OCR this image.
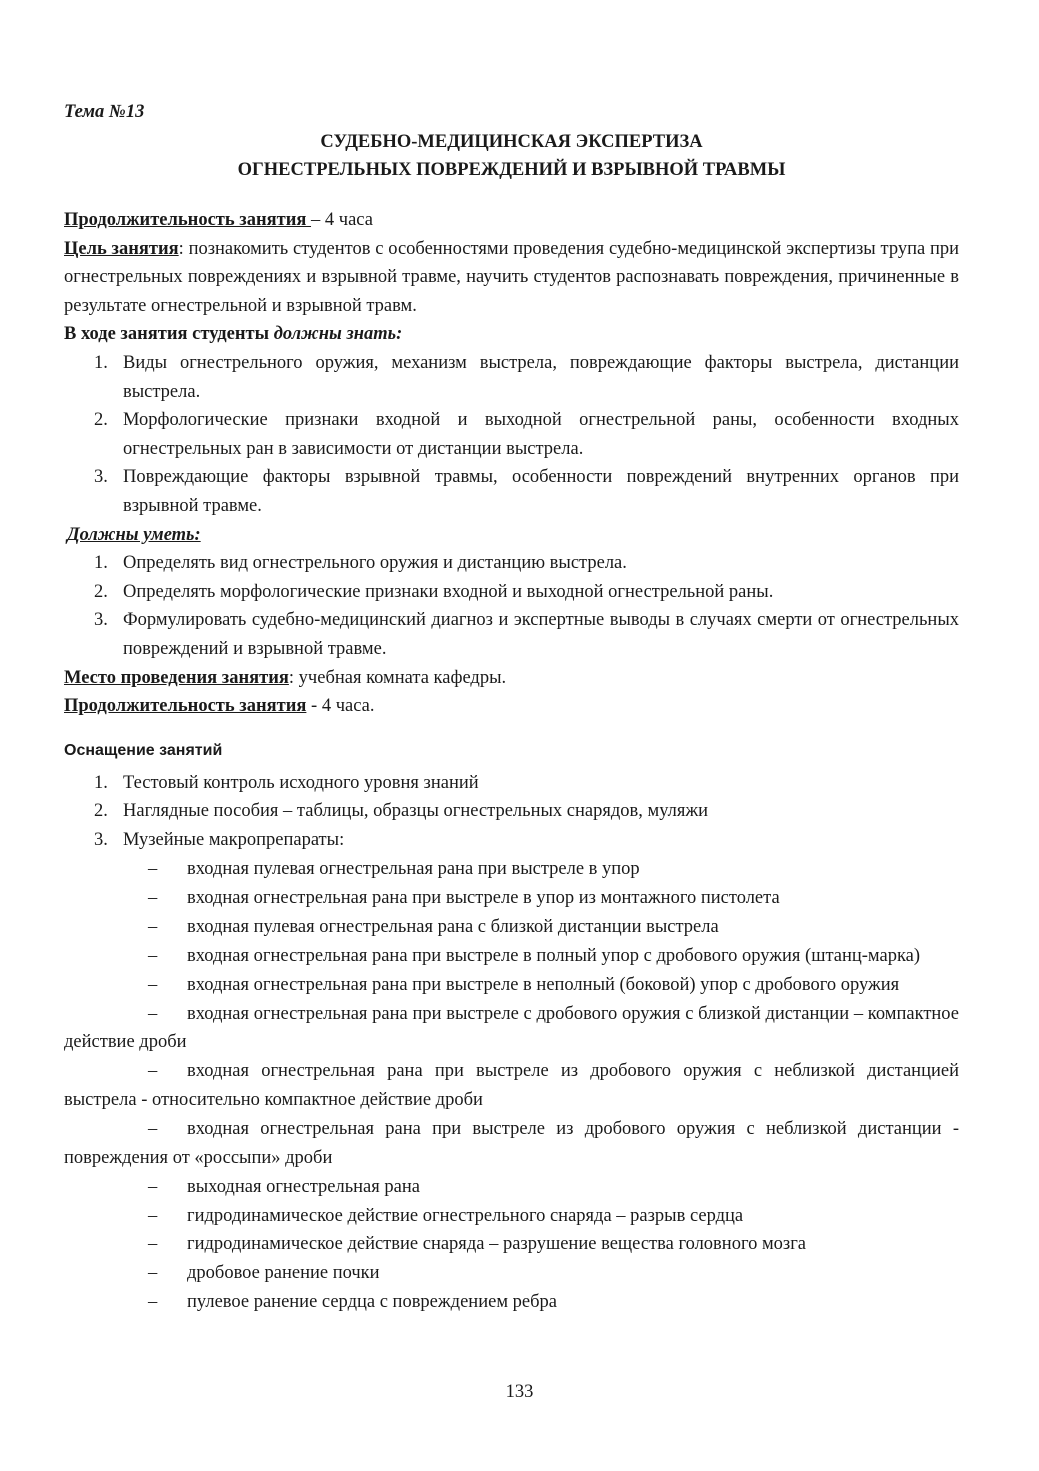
Тема №13

СУДЕБНО-МЕДИЦИНСКАЯ ЭКСПЕРТИЗА

ОГНЕСТРЕЛЬНЫХ ПОВРЕЖДЕНИЙ И ВЗРЫВНОЙ ТРАВМЫ

Продолжительность занятия – 4 часа

Цель занятия: познакомить студентов с особенностями проведения судебно-медицинской экспертизы трупа при огнестрельных повреждениях и взрывной травме, научить студентов распознавать повреждения, причиненные в результате огнестрельной и взрывной травм.

В ходе занятия студенты должны знать:

1. Виды огнестрельного оружия, механизм выстрела, повреждающие факторы выстрела, дистанции выстрела.
2. Морфологические признаки входной и выходной огнестрельной раны, особенности входных огнестрельных ран в зависимости от дистанции выстрела.
3. Повреждающие факторы взрывной травмы, особенности повреждений внутренних органов при взрывной травме.

Должны уметь:

1. Определять вид огнестрельного оружия и дистанцию выстрела.
2. Определять морфологические признаки входной и выходной огнестрельной раны.
3. Формулировать судебно-медицинский диагноз и экспертные выводы в случаях смерти от огнестрельных повреждений и взрывной травме.

Место проведения занятия: учебная комната кафедры.

Продолжительность занятия - 4 часа.

Оснащение занятий
1. Тестовый контроль исходного уровня знаний
2. Наглядные пособия – таблицы, образцы огнестрельных снарядов, муляжи
3. Музейные макропрепараты:
– входная пулевая огнестрельная рана при выстреле в упор
– входная огнестрельная рана при выстреле в упор из монтажного пистолета
– входная пулевая огнестрельная рана с близкой дистанции выстрела
– входная огнестрельная рана при выстреле в полный упор с дробового оружия (штанц-марка)
– входная огнестрельная рана при выстреле в неполный (боковой) упор с дробового оружия
– входная огнестрельная рана при выстреле с дробового оружия с близкой дистанции – компактное действие дроби
– входная огнестрельная рана при выстреле из дробового оружия с неблизкой дистанцией выстрела - относительно компактное действие дроби
– входная огнестрельная рана при выстреле из дробового оружия с неблизкой дистанции - повреждения от «россыпи» дроби
– выходная огнестрельная рана
– гидродинамическое действие огнестрельного снаряда – разрыв сердца
– гидродинамическое действие снаряда – разрушение вещества головного мозга
– дробовое ранение почки
– пулевое ранение сердца с повреждением ребра
133
